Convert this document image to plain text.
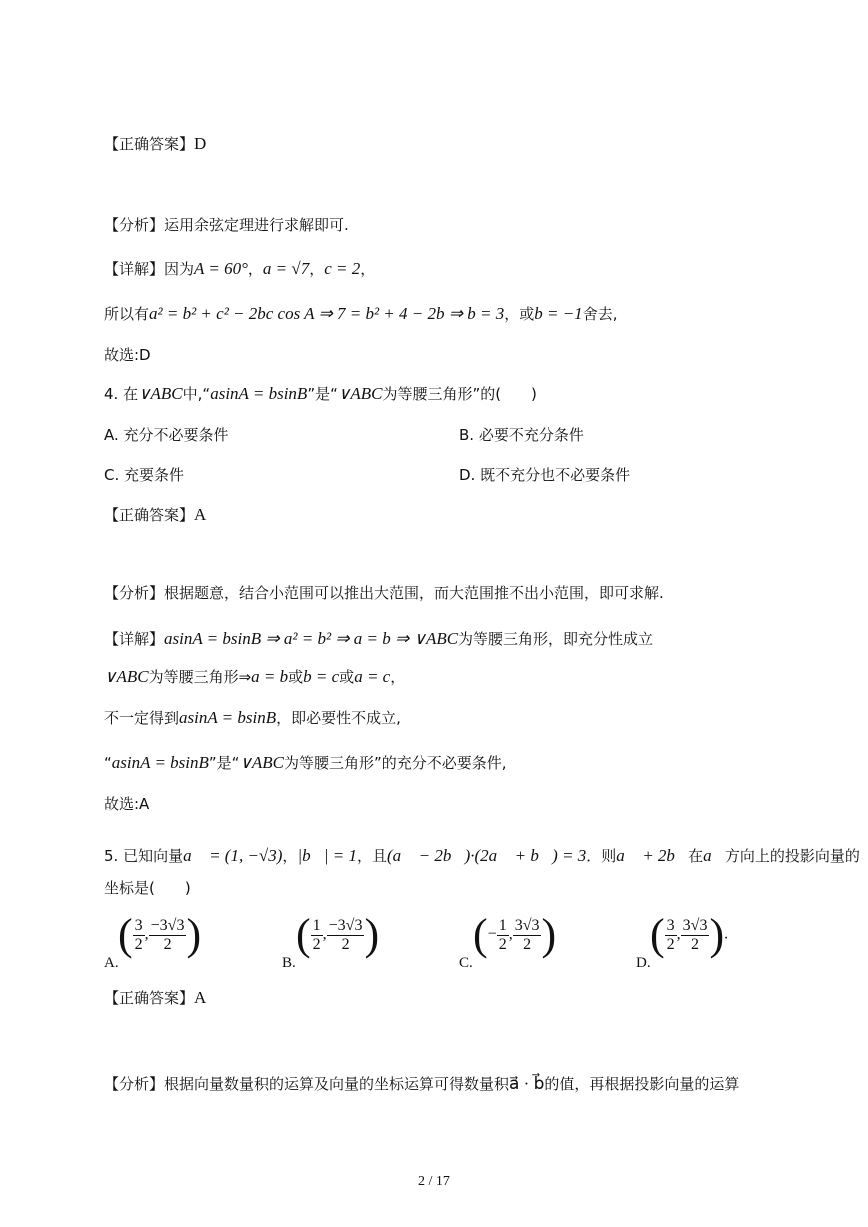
【正确答案】D
【分析】运用余弦定理进行求解即可.
【详解】因为A = 60°，a = √7，c = 2，
所以有a² = b² + c² − 2bc cos A ⇒ 7 = b² + 4 − 2b ⇒ b = 3，或b = −1舍去,
故选:D
4. 在∨ABC中,“asinA = bsinB”是“∨ABC为等腰三角形”的(　　)
A. 充分不必要条件	B. 必要不充分条件
C. 充要条件	D. 既不充分也不必要条件
【正确答案】A
【分析】根据题意，结合小范围可以推出大范围，而大范围推不出小范围，即可求解.
【详解】asinA = bsinB ⇒ a² = b² ⇒ a = b ⇒ ∨ABC为等腰三角形，即充分性成立
∨ABC为等腰三角形⇒a = b或b = c或a = c，
不一定得到asinA = bsinB，即必要性不成立,
“asinA = bsinB”是“∨ABC为等腰三角形”的充分不必要条件,
故选:A
5. 已知向量a⃗ = (1, −√3)，|b⃗| = 1，且(a⃗ − 2b⃗)·(2a⃗ + b⃗) = 3．则a⃗ + 2b⃗在a⃗方向上的投影向量的
坐标是(　　)
A.
( $\frac{3}{2}$ , $\frac{-3√3}{2}$ )
B.
( $\frac{1}{2}$ , $\frac{-3√3}{2}$ )
C.
(− $\frac{1}{2}$ , $\frac{3√3}{2}$ )
D.
( $\frac{3}{2}$ , $\frac{3√3}{2}$ ).
【正确答案】A
【分析】根据向量数量积的运算及向量的坐标运算可得数量积a⃗ · b⃗的值，再根据投影向量的运算
2 / 17
